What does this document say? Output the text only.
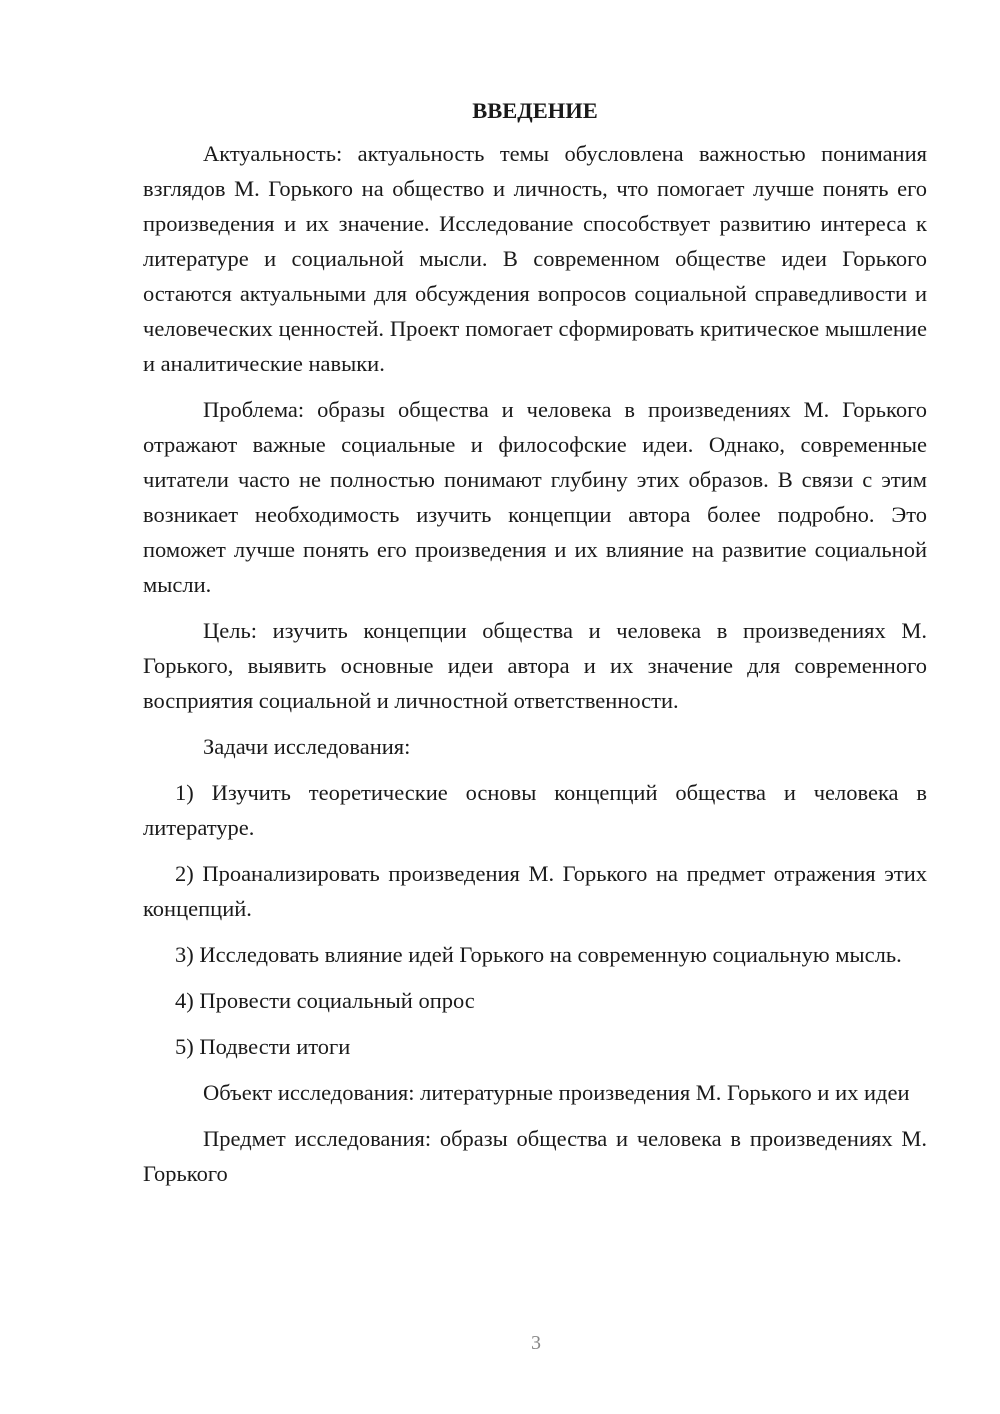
ВВЕДЕНИЕ

Актуальность: актуальность темы обусловлена важностью понимания взглядов М. Горького на общество и личность, что помогает лучше понять его произведения и их значение. Исследование способствует развитию интереса к литературе и социальной мысли. В современном обществе идеи Горького остаются актуальными для обсуждения вопросов социальной справедливости и человеческих ценностей. Проект помогает сформировать критическое мышление и аналитические навыки.

Проблема: образы общества и человека в произведениях М. Горького отражают важные социальные и философские идеи. Однако, современные читатели часто не полностью понимают глубину этих образов. В связи с этим возникает необходимость изучить концепции автора более подробно. Это поможет лучше понять его произведения и их влияние на развитие социальной мысли.

Цель: изучить концепции общества и человека в произведениях М. Горького, выявить основные идеи автора и их значение для современного восприятия социальной и личностной ответственности.

Задачи исследования:

1) Изучить теоретические основы концепций общества и человека в литературе.

2) Проанализировать произведения М. Горького на предмет отражения этих концепций.

3) Исследовать влияние идей Горького на современную социальную мысль.

4) Провести социальный опрос

5) Подвести итоги

Объект исследования: литературные произведения М. Горького и их идеи

Предмет исследования: образы общества и человека в произведениях М. Горького

3
